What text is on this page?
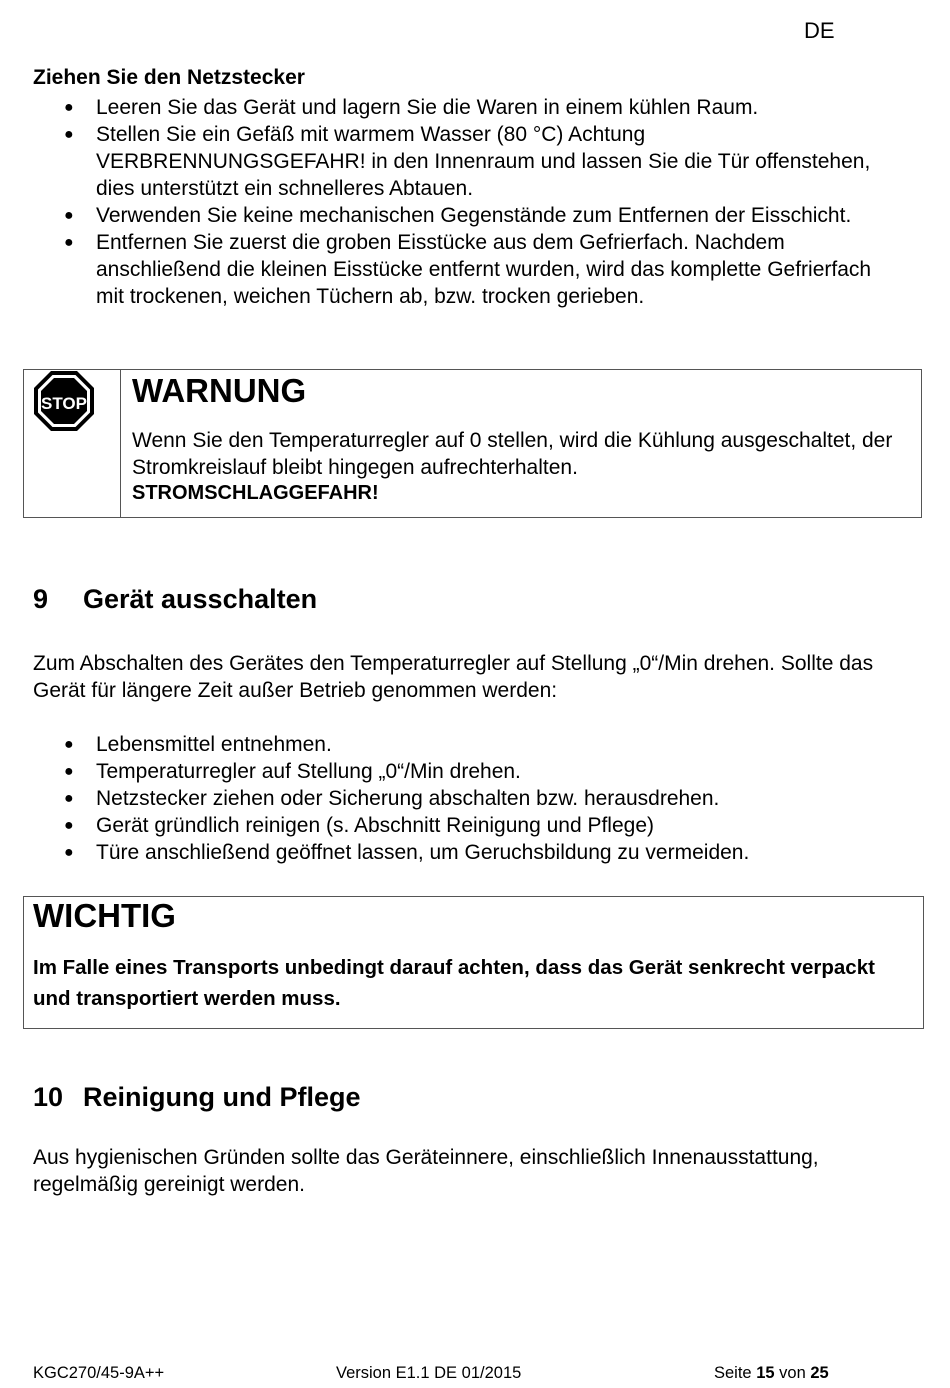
DE
Ziehen Sie den Netzstecker
● Leeren Sie das Gerät und lagern Sie die Waren in einem kühlen Raum.
● Stellen Sie ein Gefäß mit warmem Wasser (80 °C) Achtung VERBRENNUNGSGEFAHR! in den Innenraum und lassen Sie die Tür offenstehen, dies unterstützt ein schnelleres Abtauen.
● Verwenden Sie keine mechanischen Gegenstände zum Entfernen der Eisschicht.
● Entfernen Sie zuerst die groben Eisstücke aus dem Gefrierfach. Nachdem anschließend die kleinen Eisstücke entfernt wurden, wird das komplette Gefrierfach mit trockenen, weichen Tüchern ab, bzw. trocken gerieben.
STOP WARNUNG
Wenn Sie den Temperaturregler auf 0 stellen, wird die Kühlung ausgeschaltet, der Stromkreislauf bleibt hingegen aufrechterhalten.
STROMSCHLAGGEFAHR!
9 Gerät ausschalten
Zum Abschalten des Gerätes den Temperaturregler auf Stellung „0“/Min drehen. Sollte das Gerät für längere Zeit außer Betrieb genommen werden:
● Lebensmittel entnehmen.
● Temperaturregler auf Stellung „0“/Min drehen.
● Netzstecker ziehen oder Sicherung abschalten bzw. herausdrehen.
● Gerät gründlich reinigen (s. Abschnitt Reinigung und Pflege)
● Türe anschließend geöffnet lassen, um Geruchsbildung zu vermeiden.
WICHTIG
Im Falle eines Transports unbedingt darauf achten, dass das Gerät senkrecht verpackt und transportiert werden muss.
10 Reinigung und Pflege
Aus hygienischen Gründen sollte das Geräteinnere, einschließlich Innenausstattung, regelmäßig gereinigt werden.
KGC270/45-9A++	Version E1.1 DE 01/2015	Seite 15 von 25
